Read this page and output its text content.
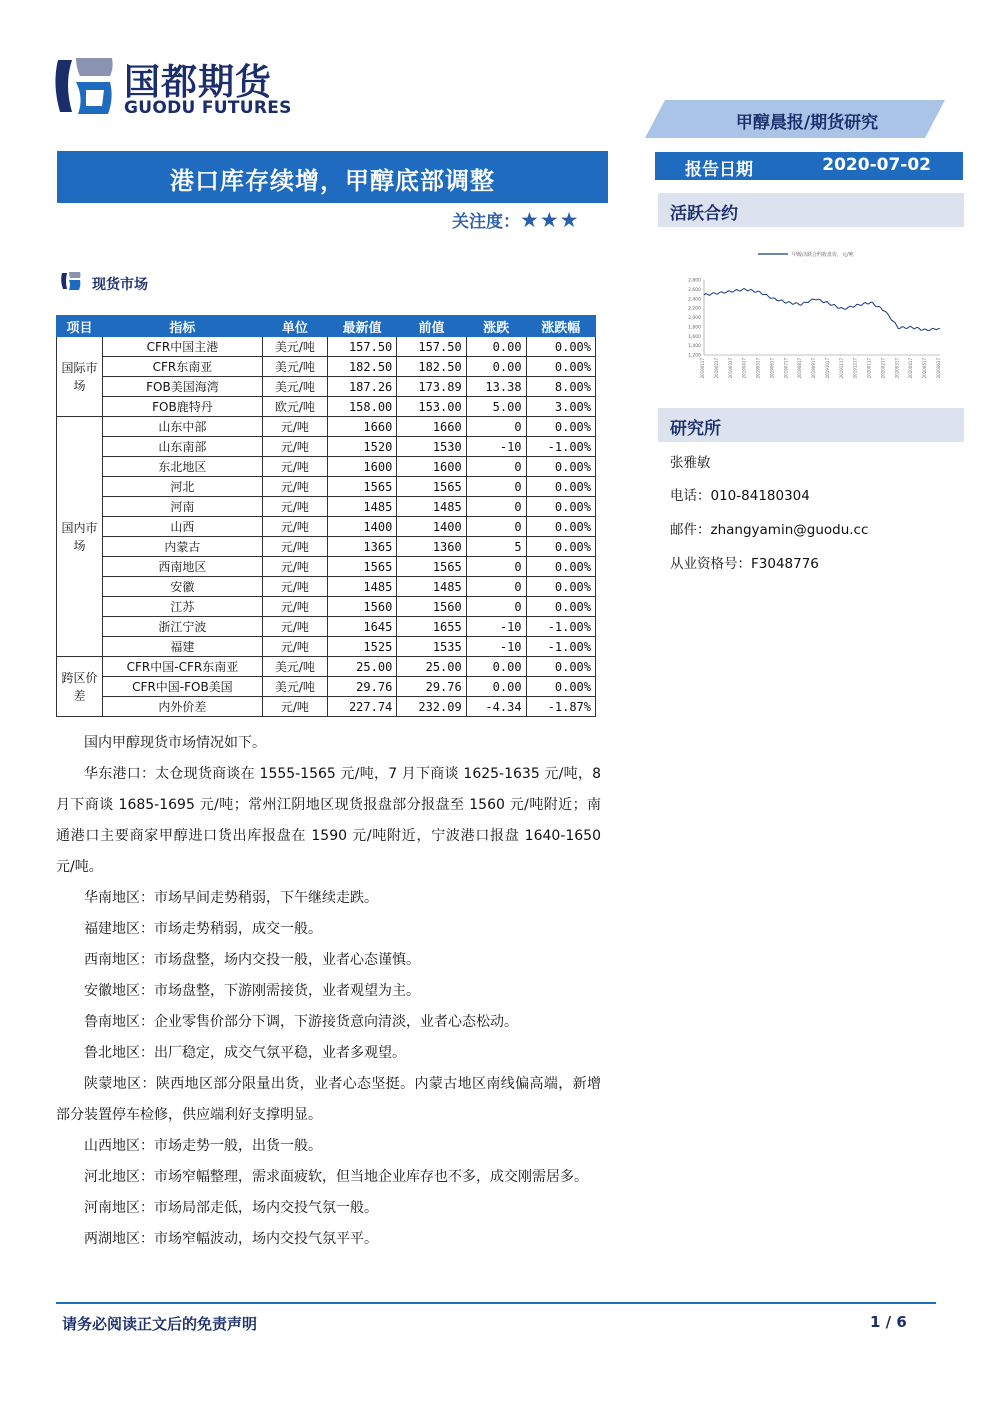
国都期货
GUODU FUTURES
甲醇晨报/期货研究
报告日期	2020-07-02
活跃合约
甲醇活跃合约收盘价，元/吨
2,800
2,600
2,400
2,200
2,000
1,800
1,600
1,400
1,200
20190117 20190217 20190317 20190417 20190517 20190617 20190717 20190817 20190917 20191017 20191117 20191217 20200117 20200217 20200317 20200417 20200517 20200617
研究所
张雅敏
电话：010-84180304
邮件：zhangyamin@guodu.cc
从业资格号：F3048776
港口库存续增，甲醇底部调整
关注度：★★★
现货市场
项目	指标	单位	最新值	前值	涨跌	涨跌幅
国际市场	CFR中国主港	美元/吨	157.50	157.50	0.00	0.00%
	CFR东南亚	美元/吨	182.50	182.50	0.00	0.00%
	FOB美国海湾	美元/吨	187.26	173.89	13.38	8.00%
	FOB鹿特丹	欧元/吨	158.00	153.00	5.00	3.00%
国内市场	山东中部	元/吨	1660	1660	0	0.00%
	山东南部	元/吨	1520	1530	-10	-1.00%
	东北地区	元/吨	1600	1600	0	0.00%
	河北	元/吨	1565	1565	0	0.00%
	河南	元/吨	1485	1485	0	0.00%
	山西	元/吨	1400	1400	0	0.00%
	内蒙古	元/吨	1365	1360	5	0.00%
	西南地区	元/吨	1565	1565	0	0.00%
	安徽	元/吨	1485	1485	0	0.00%
	江苏	元/吨	1560	1560	0	0.00%
	浙江宁波	元/吨	1645	1655	-10	-1.00%
	福建	元/吨	1525	1535	-10	-1.00%
跨区价差	CFR中国-CFR东南亚	美元/吨	25.00	25.00	0.00	0.00%
	CFR中国-FOB美国	美元/吨	29.76	29.76	0.00	0.00%
	内外价差	元/吨	227.74	232.09	-4.34	-1.87%

国内甲醇现货市场情况如下。

华东港口：太仓现货商谈在 1555-1565 元/吨，7 月下商谈 1625-1635 元/吨，8 月下商谈 1685-1695 元/吨；常州江阴地区现货报盘部分报盘至 1560 元/吨附近；南通港口主要商家甲醇进口货出库报盘在 1590 元/吨附近，宁波港口报盘 1640-1650 元/吨。

华南地区：市场早间走势稍弱，下午继续走跌。

福建地区：市场走势稍弱，成交一般。

西南地区：市场盘整，场内交投一般，业者心态谨慎。

安徽地区：市场盘整，下游刚需接货，业者观望为主。

鲁南地区：企业零售价部分下调，下游接货意向清淡，业者心态松动。

鲁北地区：出厂稳定，成交气氛平稳，业者多观望。

陕蒙地区：陕西地区部分限量出货，业者心态坚挺。内蒙古地区南线偏高端，新增部分装置停车检修，供应端利好支撑明显。

山西地区：市场走势一般，出货一般。

河北地区：市场窄幅整理，需求面疲软，但当地企业库存也不多，成交刚需居多。

河南地区：市场局部走低，场内交投气氛一般。

两湖地区：市场窄幅波动，场内交投气氛平平。

请务必阅读正文后的免责声明	1 / 6
